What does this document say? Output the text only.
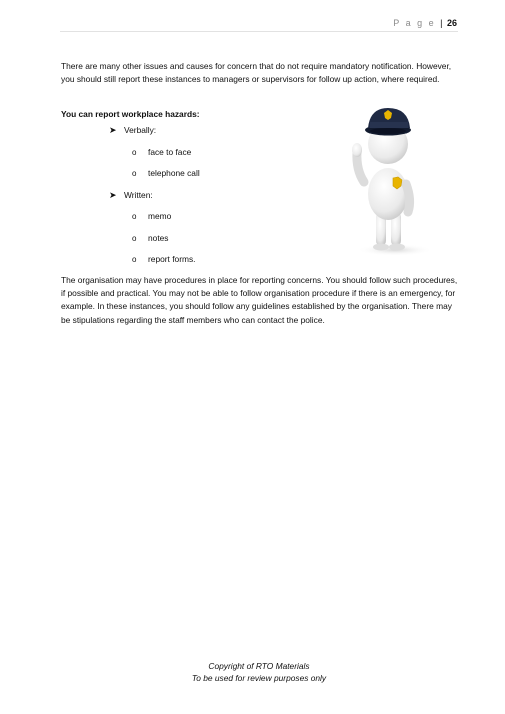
P a g e | 26

There are many other issues and causes for concern that do not require mandatory notification. However, you should still report these instances to managers or supervisors for follow up action, where required.

You can report workplace hazards:

➤ Verbally:
o face to face
o telephone call
➤ Written:
o memo
o notes
o report forms.

The organisation may have procedures in place for reporting concerns. You should follow such procedures, if possible and practical. You may not be able to follow organisation procedure if there is an emergency, for example. In these instances, you should follow any guidelines established by the organisation. There may be stipulations regarding the staff members who can contact the police.

Copyright of RTO Materials
To be used for review purposes only
